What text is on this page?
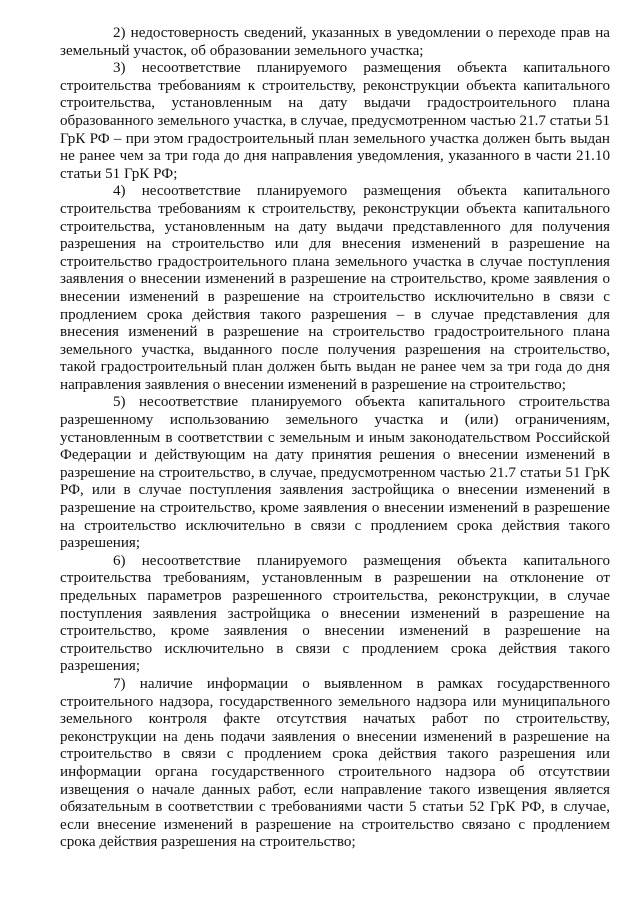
2) недостоверность сведений, указанных в уведомлении о переходе прав на земельный участок, об образовании земельного участка;

3) несоответствие планируемого размещения объекта капитального строительства требованиям к строительству, реконструкции объекта капитального строительства, установленным на дату выдачи градостроительного плана образованного земельного участка, в случае, предусмотренном частью 21.7 статьи 51 ГрК РФ – при этом градостроительный план земельного участка должен быть выдан не ранее чем за три года до дня направления уведомления, указанного в части 21.10 статьи 51 ГрК РФ;

4) несоответствие планируемого размещения объекта капитального строительства требованиям к строительству, реконструкции объекта капитального строительства, установленным на дату выдачи представленного для получения разрешения на строительство или для внесения изменений в разрешение на строительство градостроительного плана земельного участка в случае поступления заявления о внесении изменений в разрешение на строительство, кроме заявления о внесении изменений в разрешение на строительство исключительно в связи с продлением срока действия такого разрешения – в случае представления для внесения изменений в разрешение на строительство градостроительного плана земельного участка, выданного после получения разрешения на строительство, такой градостроительный план должен быть выдан не ранее чем за три года до дня направления заявления о внесении изменений в разрешение на строительство;

5) несоответствие планируемого объекта капитального строительства разрешенному использованию земельного участка и (или) ограничениям, установленным в соответствии с земельным и иным законодательством Российской Федерации и действующим на дату принятия решения о внесении изменений в разрешение на строительство, в случае, предусмотренном частью 21.7 статьи 51 ГрК РФ, или в случае поступления заявления застройщика о внесении изменений в разрешение на строительство, кроме заявления о внесении изменений в разрешение на строительство исключительно в связи с продлением срока действия такого разрешения;

6) несоответствие планируемого размещения объекта капитального строительства требованиям, установленным в разрешении на отклонение от предельных параметров разрешенного строительства, реконструкции, в случае поступления заявления застройщика о внесении изменений в разрешение на строительство, кроме заявления о внесении изменений в разрешение на строительство исключительно в связи с продлением срока действия такого разрешения;

7) наличие информации о выявленном в рамках государственного строительного надзора, государственного земельного надзора или муниципального земельного контроля факте отсутствия начатых работ по строительству, реконструкции на день подачи заявления о внесении изменений в разрешение на строительство в связи с продлением срока действия такого разрешения или информации органа государственного строительного надзора об отсутствии извещения о начале данных работ, если направление такого извещения является обязательным в соответствии с требованиями части 5 статьи 52 ГрК РФ, в случае, если внесение изменений в разрешение на строительство связано с продлением срока действия разрешения на строительство;
